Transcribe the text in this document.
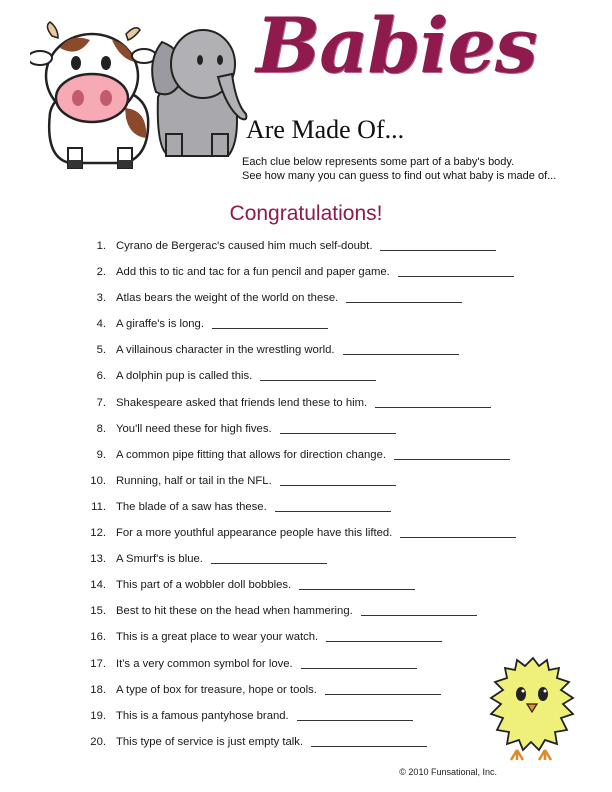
Babies
Are Made Of...
Each clue below represents some part of a baby's body.
See how many you can guess to find out what baby is made of...
Congratulations!
1. Cyrano de Bergerac's caused him much self-doubt.
2. Add this to tic and tac for a fun pencil and paper game.
3. Atlas bears the weight of the world on these.
4. A giraffe's is long.
5. A villainous character in the wrestling world.
6. A dolphin pup is called this.
7. Shakespeare asked that friends lend these to him.
8. You'll need these for high fives.
9. A common pipe fitting that allows for direction change.
10. Running, half or tail in the NFL.
11. The blade of a saw has these.
12. For a more youthful appearance people have this lifted.
13. A Smurf's is blue.
14. This part of a wobbler doll bobbles.
15. Best to hit these on the head when hammering.
16. This is a great place to wear your watch.
17. It's a very common symbol for love.
18. A type of box for treasure, hope or tools.
19. This is a famous pantyhose brand.
20. This type of service is just empty talk.
© 2010 Funsational, Inc.
